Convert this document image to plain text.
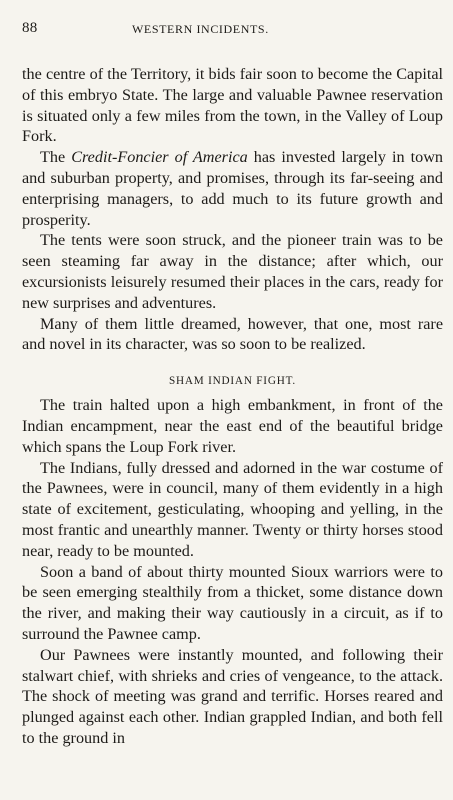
88	WESTERN INCIDENTS.

the centre of the Territory, it bids fair soon to become the Capital of this embryo State. The large and valuable Pawnee reservation is situated only a few miles from the town, in the Valley of Loup Fork.

The Credit-Foncier of America has invested largely in town and suburban property, and promises, through its far-seeing and enterprising managers, to add much to its future growth and prosperity.

The tents were soon struck, and the pioneer train was to be seen steaming far away in the distance; after which, our excursionists leisurely resumed their places in the cars, ready for new surprises and adventures.

Many of them little dreamed, however, that one, most rare and novel in its character, was so soon to be realized.

SHAM INDIAN FIGHT.

The train halted upon a high embankment, in front of the Indian encampment, near the east end of the beautiful bridge which spans the Loup Fork river.

The Indians, fully dressed and adorned in the war costume of the Pawnees, were in council, many of them evidently in a high state of excitement, gesticulating, whooping and yelling, in the most frantic and unearthly manner. Twenty or thirty horses stood near, ready to be mounted.

Soon a band of about thirty mounted Sioux warriors were to be seen emerging stealthily from a thicket, some distance down the river, and making their way cautiously in a circuit, as if to surround the Pawnee camp.

Our Pawnees were instantly mounted, and following their stalwart chief, with shrieks and cries of vengeance, to the attack. The shock of meeting was grand and terrific. Horses reared and plunged against each other. Indian grappled Indian, and both fell to the ground in
